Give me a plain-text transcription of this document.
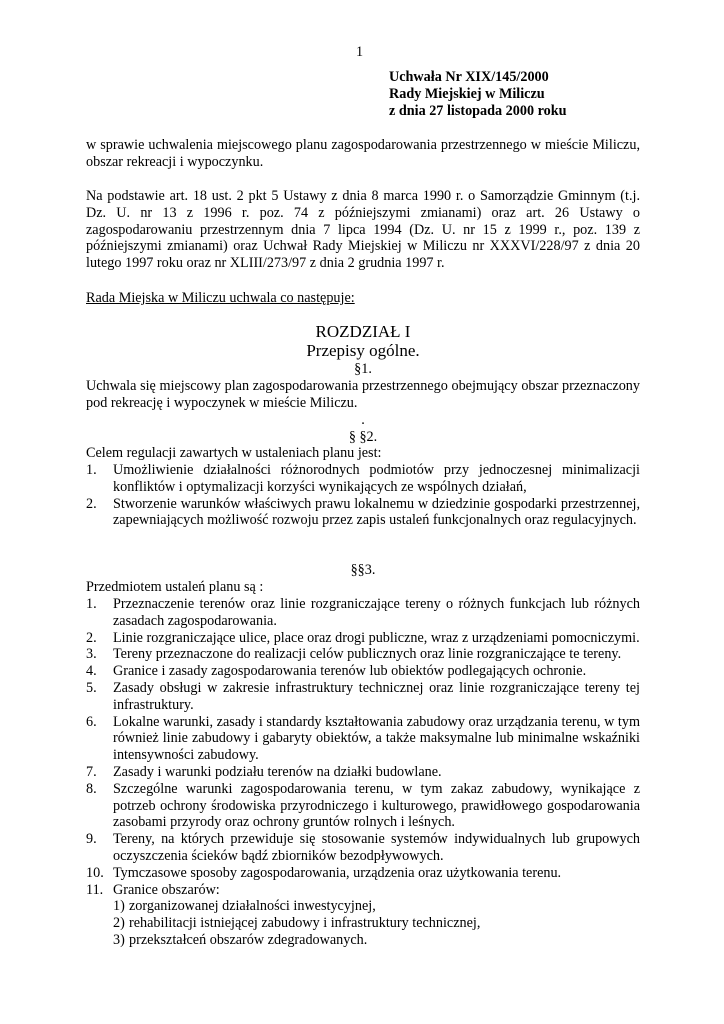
1
Uchwała Nr XIX/145/2000
Rady Miejskiej w Miliczu
z dnia 27 listopada 2000 roku

w sprawie uchwalenia miejscowego planu zagospodarowania przestrzennego w mieście Miliczu, obszar rekreacji i wypoczynku.

Na podstawie art. 18 ust. 2 pkt 5 Ustawy z dnia 8 marca 1990 r. o Samorządzie Gminnym (t.j. Dz. U. nr 13 z 1996 r. poz. 74 z późniejszymi zmianami) oraz art. 26 Ustawy o zagospodarowaniu przestrzennym dnia 7 lipca 1994 (Dz. U. nr 15 z 1999 r., poz. 139 z późniejszymi zmianami) oraz Uchwał Rady Miejskiej w Miliczu nr XXXVI/228/97 z dnia 20 lutego 1997 roku oraz nr XLIII/273/97 z dnia 2 grudnia 1997 r.

Rada Miejska w Miliczu uchwala co następuje:
ROZDZIAŁ I
Przepisy ogólne.
§1.

Uchwala się miejscowy plan zagospodarowania przestrzennego obejmujący obszar przeznaczony pod rekreację i wypoczynek w mieście Miliczu.

.
§ §2.

Celem regulacji zawartych w ustaleniach planu jest:

1. Umożliwienie działalności różnorodnych podmiotów przy jednoczesnej minimalizacji konfliktów i optymalizacji korzyści wynikających ze wspólnych działań,
2. Stworzenie warunków właściwych prawu lokalnemu w dziedzinie gospodarki przestrzennej, zapewniających możliwość rozwoju przez zapis ustaleń funkcjonalnych oraz regulacyjnych.
§§3.

Przedmiotem ustaleń planu są :

1. Przeznaczenie terenów oraz linie rozgraniczające tereny o różnych funkcjach lub różnych zasadach zagospodarowania.
2. Linie rozgraniczające ulice, place oraz drogi publiczne, wraz z urządzeniami pomocniczymi.
3. Tereny przeznaczone do realizacji celów publicznych oraz linie rozgraniczające te tereny.
4. Granice i zasady zagospodarowania terenów lub obiektów podlegających ochronie.
5. Zasady obsługi w zakresie infrastruktury technicznej oraz linie rozgraniczające tereny tej infrastruktury.
6. Lokalne warunki, zasady i standardy kształtowania zabudowy oraz urządzania terenu, w tym również linie zabudowy i gabaryty obiektów, a także maksymalne lub minimalne wskaźniki intensywności zabudowy.
7. Zasady i warunki podziału terenów na działki budowlane.
8. Szczególne warunki zagospodarowania terenu, w tym zakaz zabudowy, wynikające z potrzeb ochrony środowiska przyrodniczego i kulturowego, prawidłowego gospodarowania zasobami przyrody oraz ochrony gruntów rolnych i leśnych.
9. Tereny, na których przewiduje się stosowanie systemów indywidualnych lub grupowych oczyszczenia ścieków bądź zbiorników bezodpływowych.
10. Tymczasowe sposoby zagospodarowania, urządzenia oraz użytkowania terenu.
11. Granice obszarów:
1) zorganizowanej działalności inwestycyjnej,
2) rehabilitacji istniejącej zabudowy i infrastruktury technicznej,
3) przekształceń obszarów zdegradowanych.
